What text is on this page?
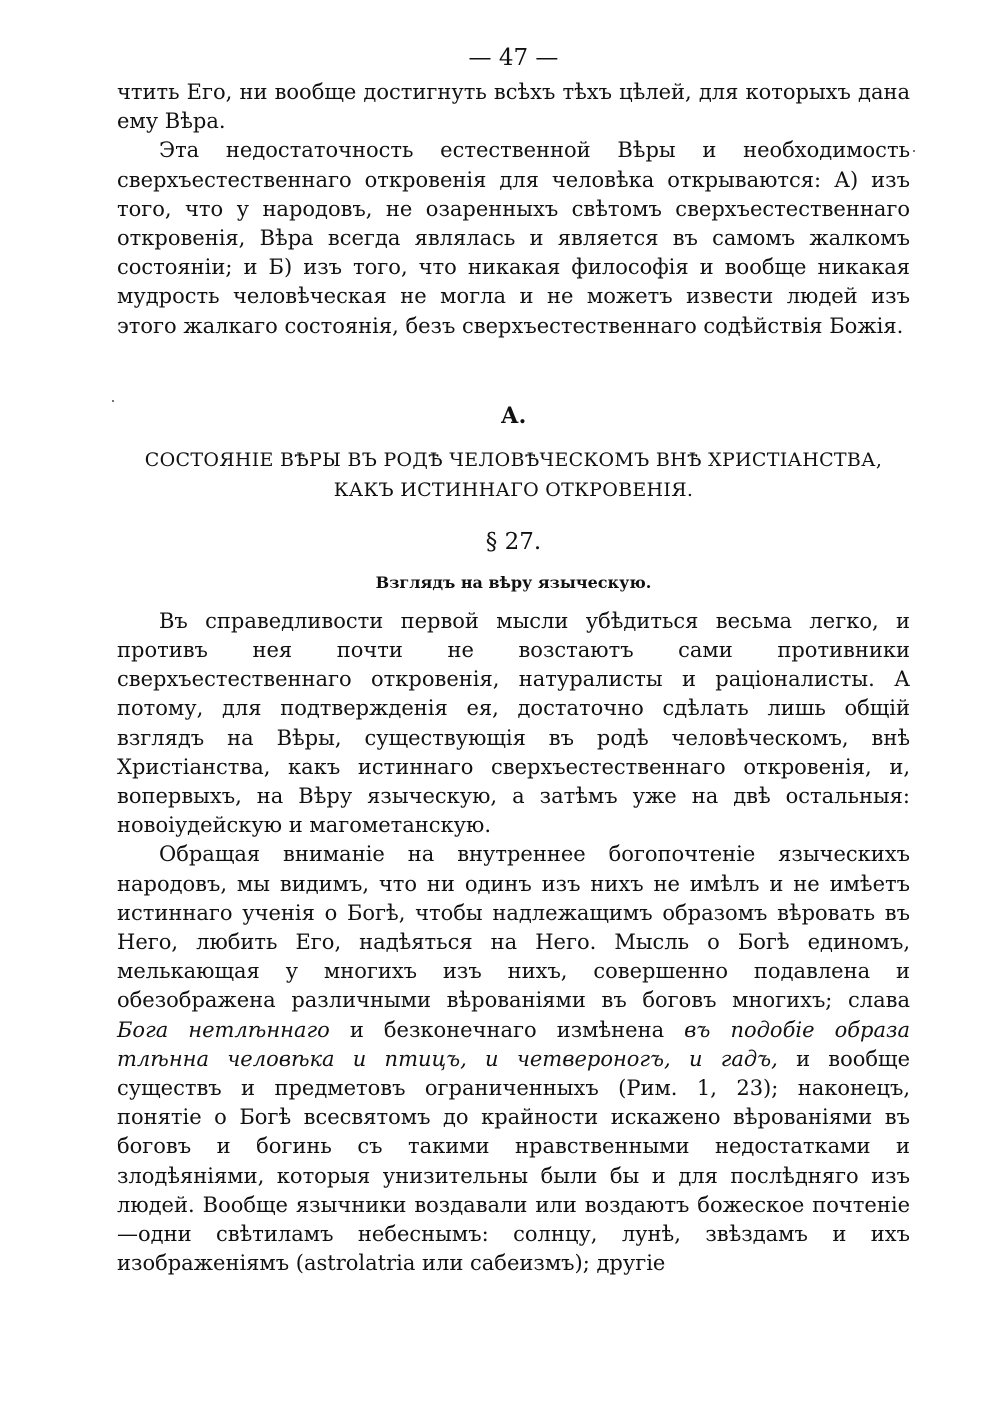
— 47 —

чтить Его, ни вообще достигнуть всѣхъ тѣхъ цѣлей, для которыхъ дана ему Вѣра.

Эта недостаточность естественной Вѣры и необходимость сверхъестественнаго откровенія для человѣка открываются: А) изъ того, что у народовъ, не озаренныхъ свѣтомъ сверхъестественнаго откровенія, Вѣра всегда являлась и является въ самомъ жалкомъ состояніи; и Б) изъ того, что никакая философія и вообще никакая мудрость человѣческая не могла и не можетъ извести людей изъ этого жалкаго состоянія, безъ сверхъестественнаго содѣйствія Божія.

А.
СОСТОЯНІЕ ВѢРЫ ВЪ РОДѢ ЧЕЛОВѢЧЕСКОМЪ ВНѢ ХРИСТІАНСТВА,
КАКЪ ИСТИННАГО ОТКРОВЕНІЯ.
§ 27.
Взглядъ на вѣру языческую.

Въ справедливости первой мысли убѣдиться весьма легко, и противъ нея почти не возстаютъ сами противники сверхъестественнаго откровенія, натуралисты и раціоналисты. А потому, для подтвержденія ея, достаточно сдѣлать лишь общій взглядъ на Вѣры, существующія въ родѣ человѣческомъ, внѣ Христіанства, какъ истиннаго сверхъестественнаго откровенія, и, вопервыхъ, на Вѣру языческую, а затѣмъ уже на двѣ остальныя: новоіудейскую и магометанскую.

Обращая вниманіе на внутреннее богопочтеніе языческихъ народовъ, мы видимъ, что ни одинъ изъ нихъ не имѣлъ и не имѣетъ истиннаго ученія о Богѣ, чтобы надлежащимъ образомъ вѣровать въ Него, любить Его, надѣяться на Него. Мысль о Богѣ единомъ, мелькающая у многихъ изъ нихъ, совершенно подавлена и обезображена различными вѣрованіями въ боговъ многихъ; слава Бога нетлѣннаго и безконечнаго измѣнена въ подобіе образа тлѣнна человѣка и птицъ, и четвероногъ, и гадъ, и вообще существъ и предметовъ ограниченныхъ (Рим. 1, 23); наконецъ, понятіе о Богѣ всесвятомъ до крайности искажено вѣрованіями въ боговъ и богинь съ такими нравственными недостатками и злодѣяніями, которыя унизительны были бы и для послѣдняго изъ людей. Вообще язычники воздавали или воздаютъ божеское почтеніе—одни свѣтиламъ небеснымъ: солнцу, лунѣ, звѣздамъ и ихъ изображеніямъ (astrolatria или сабеизмъ); другіе
